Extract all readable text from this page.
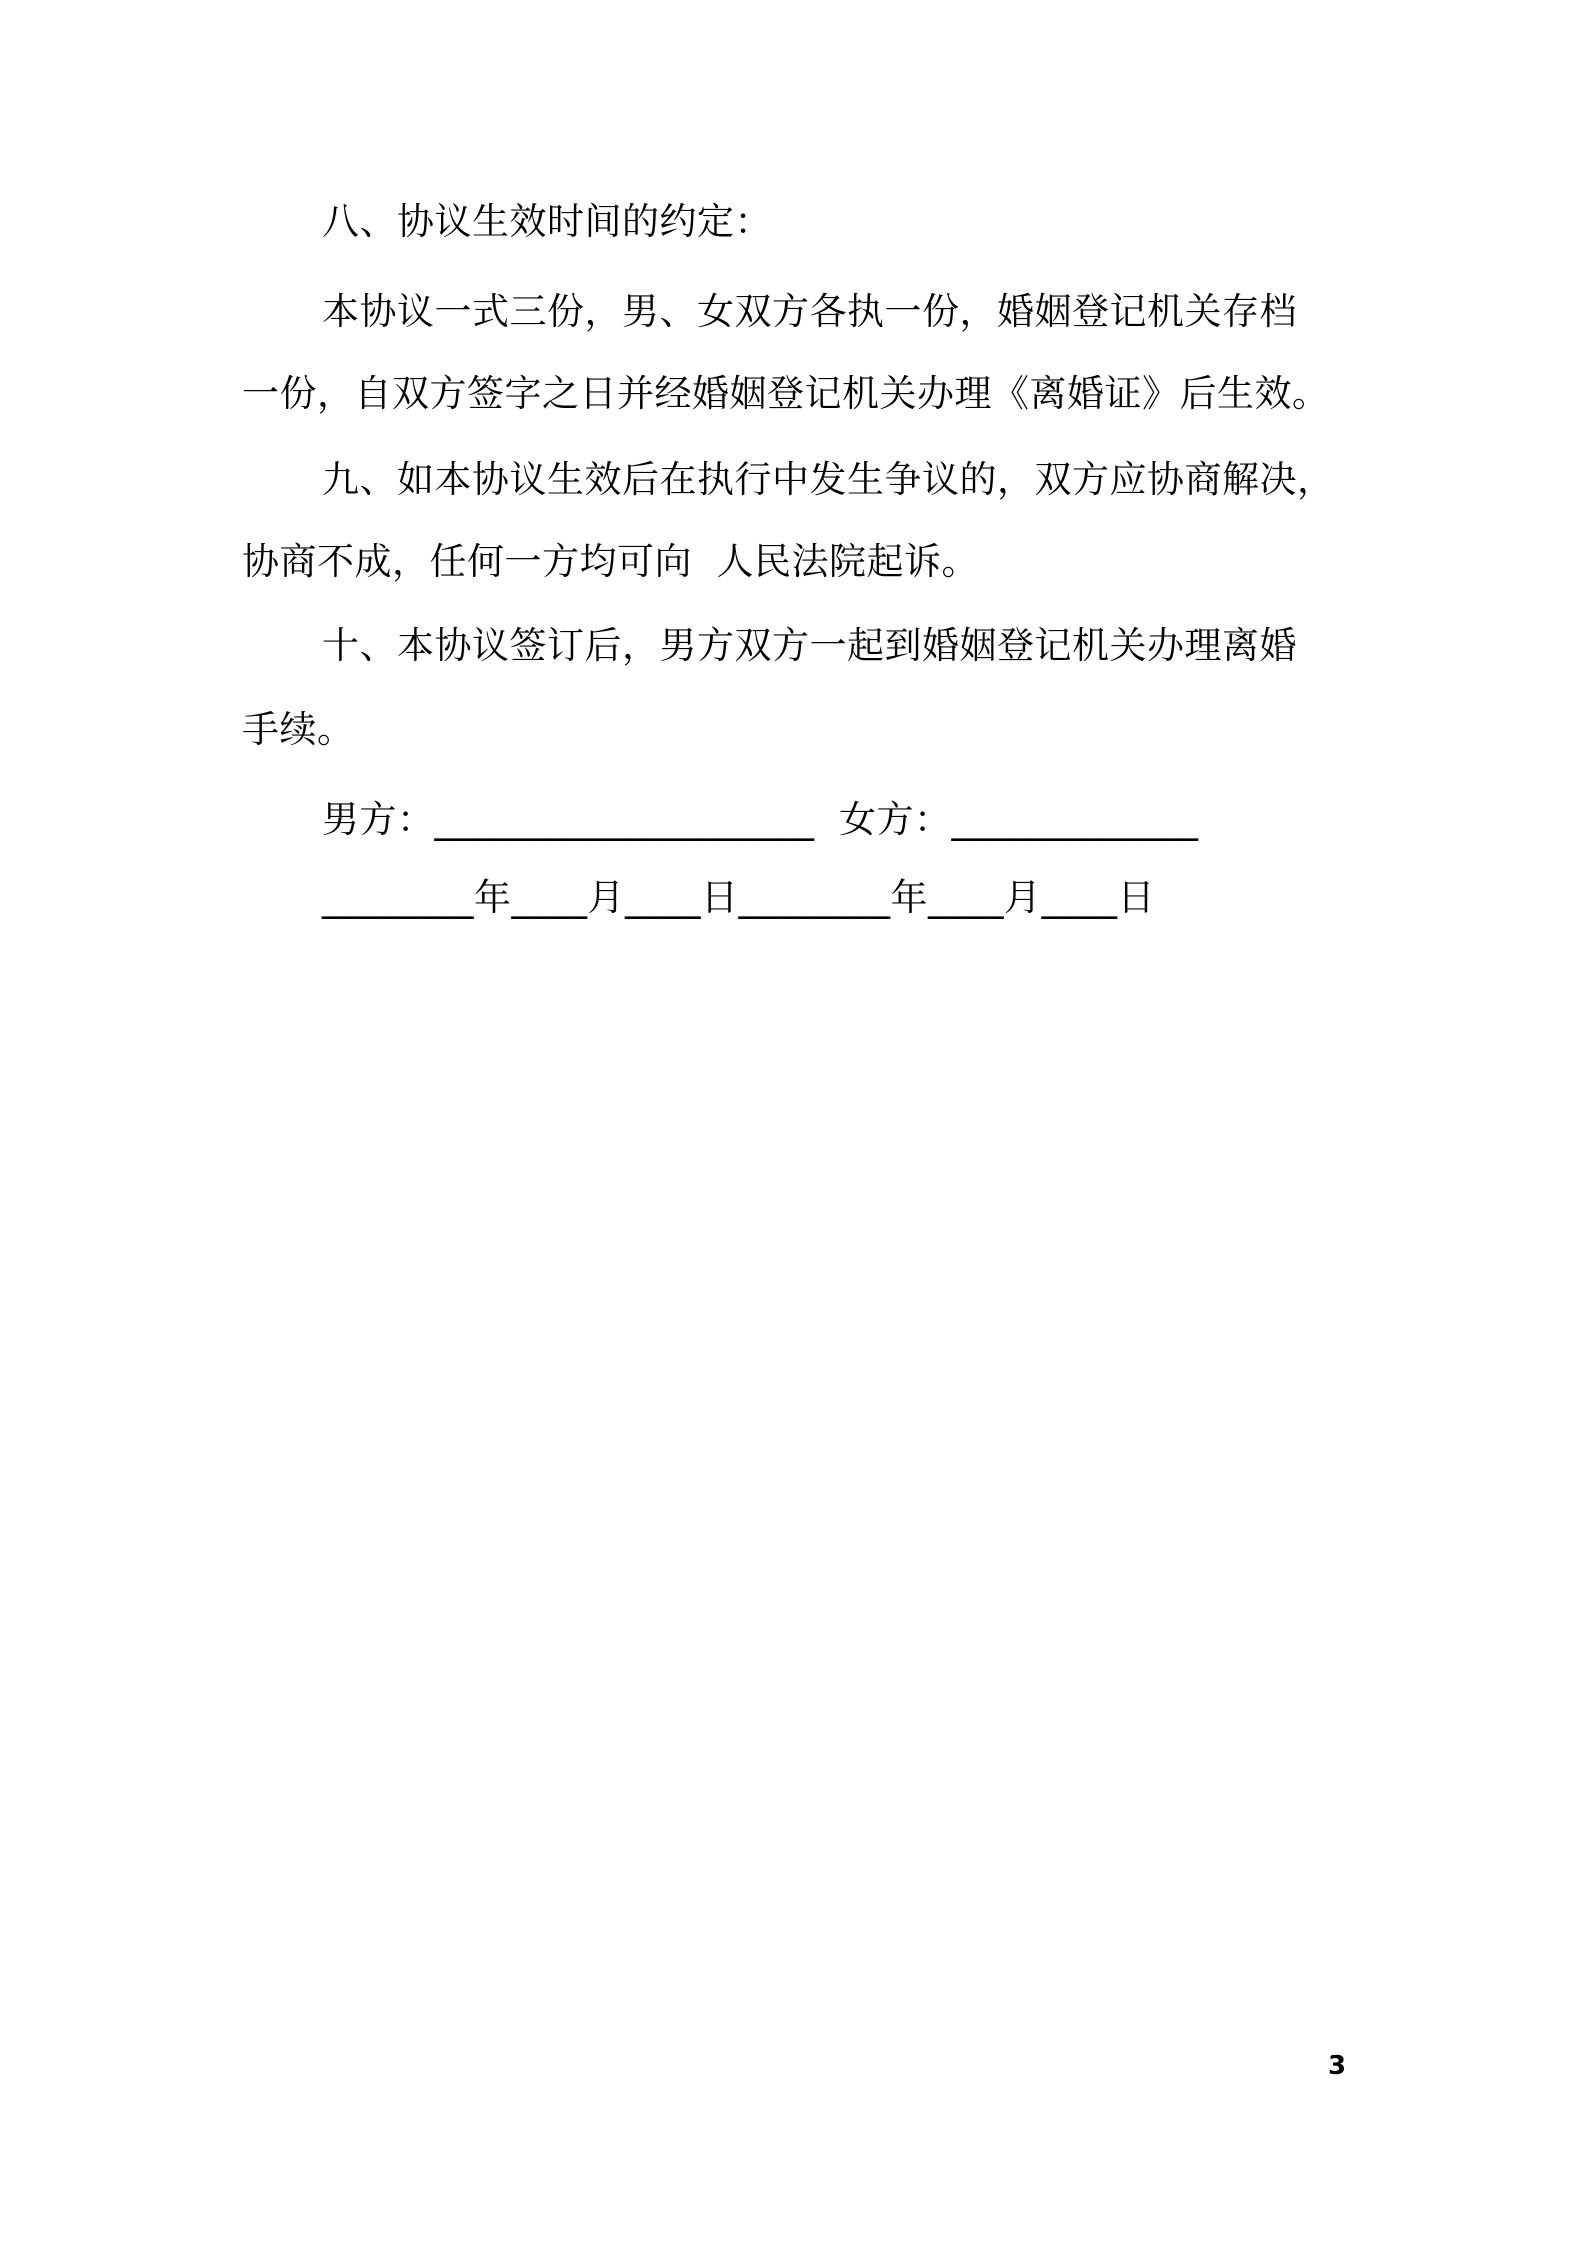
八、协议生效时间的约定：
本协议一式三份，男、女双方各执一份，婚姻登记机关存档
一份，自双方签字之日并经婚姻登记机关办理《离婚证》后生效。
九、如本协议生效后在执行中发生争议的，双方应协商解决，
协商不成，任何一方均可向  人民法院起诉。
十、本协议签订后，男方双方一起到婚姻登记机关办理离婚
手续。
男方：____________________  女方：_____________
________年____月____日________年____月____日
3
